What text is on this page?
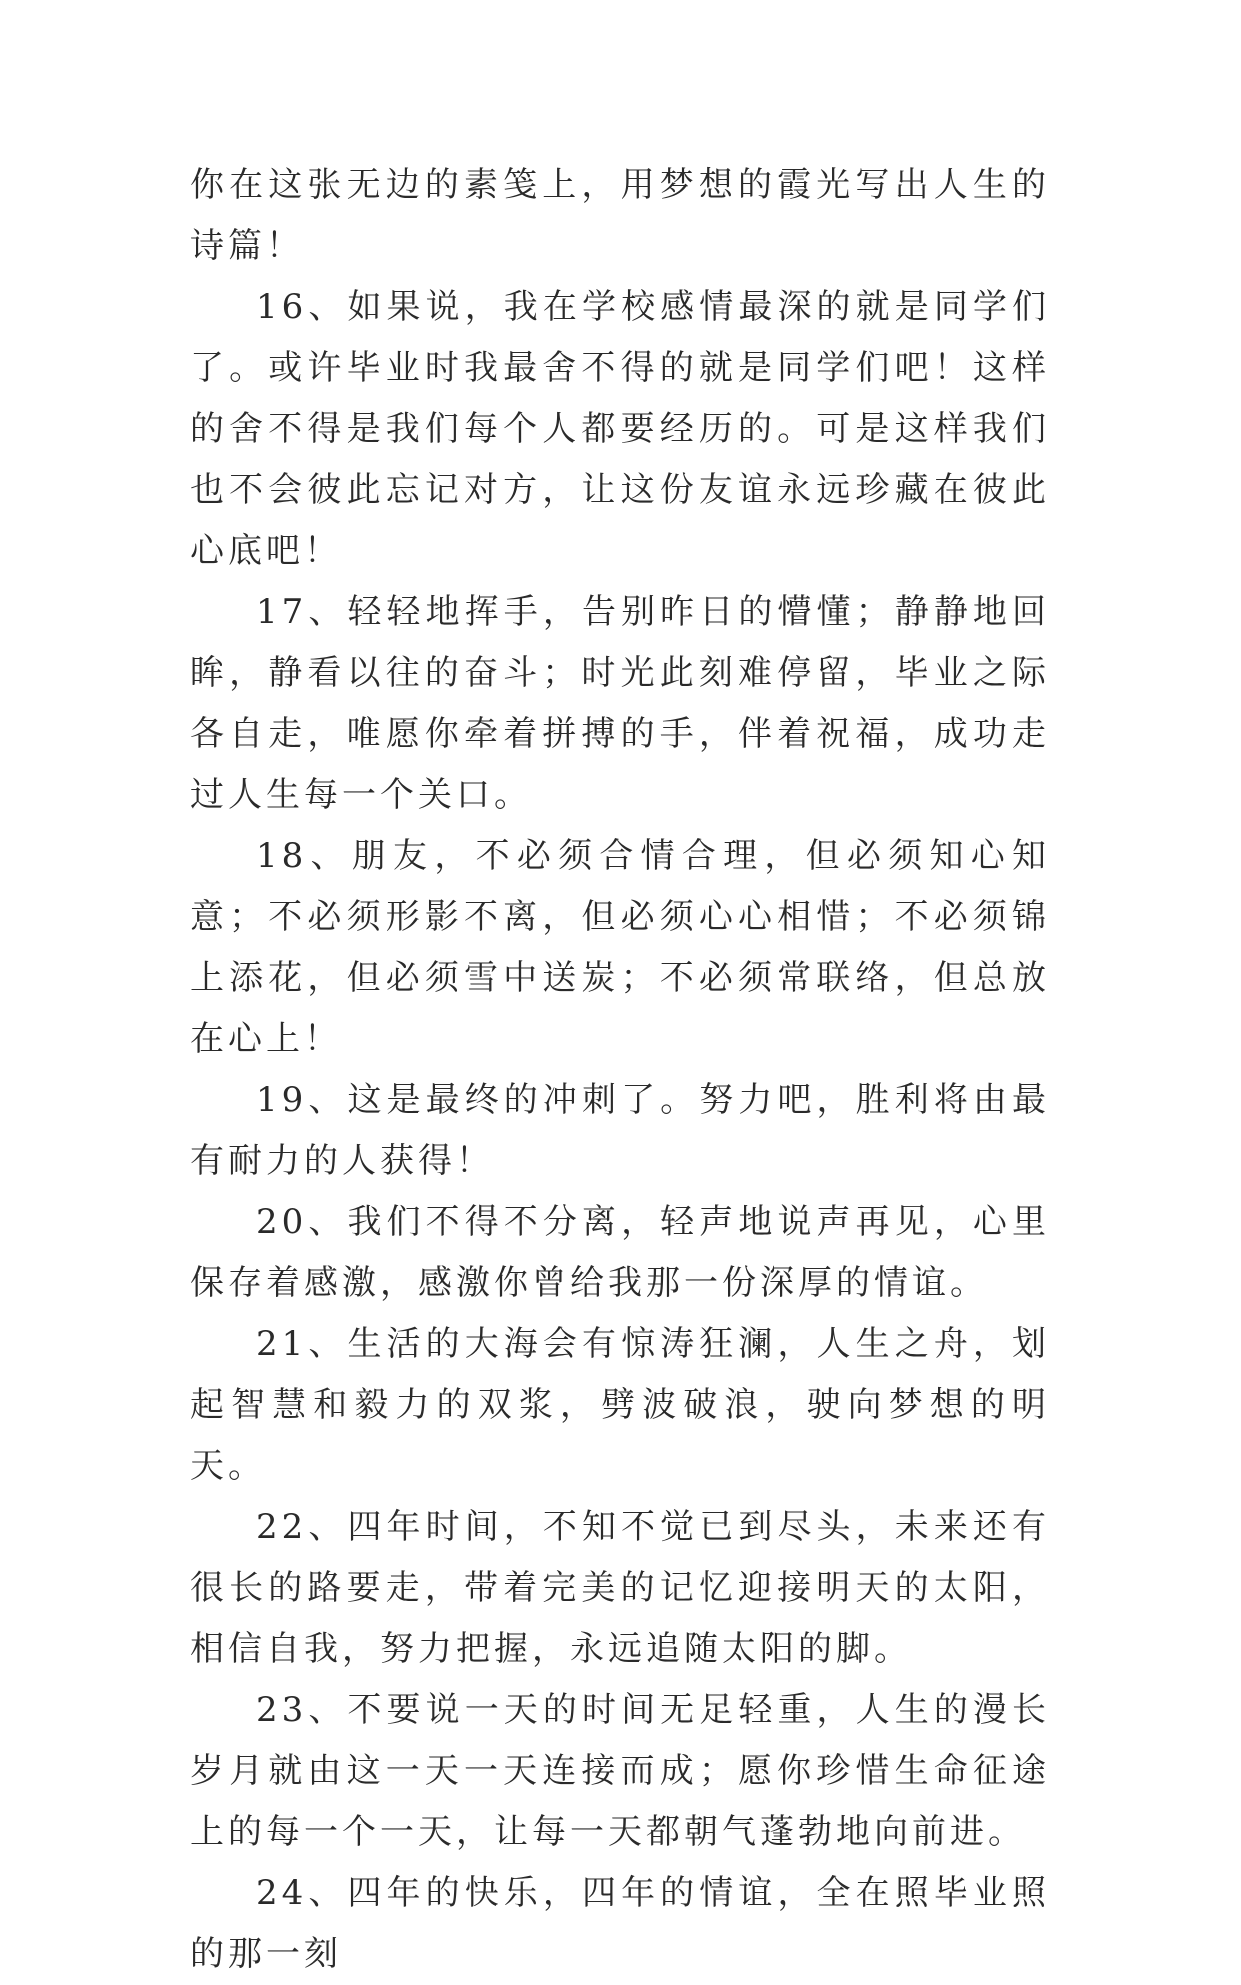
你在这张无边的素笺上，用梦想的霞光写出人生的诗篇！

16、如果说，我在学校感情最深的就是同学们了。或许毕业时我最舍不得的就是同学们吧！这样的舍不得是我们每个人都要经历的。可是这样我们也不会彼此忘记对方，让这份友谊永远珍藏在彼此心底吧！

17、轻轻地挥手，告别昨日的懵懂；静静地回眸，静看以往的奋斗；时光此刻难停留，毕业之际各自走，唯愿你牵着拼搏的手，伴着祝福，成功走过人生每一个关口。

18、朋友，不必须合情合理，但必须知心知意；不必须形影不离，但必须心心相惜；不必须锦上添花，但必须雪中送炭；不必须常联络，但总放在心上！

19、这是最终的冲刺了。努力吧，胜利将由最有耐力的人获得！

20、我们不得不分离，轻声地说声再见，心里保存着感激，感激你曾给我那一份深厚的情谊。

21、生活的大海会有惊涛狂澜，人生之舟，划起智慧和毅力的双浆，劈波破浪，驶向梦想的明天。

22、四年时间，不知不觉已到尽头，未来还有很长的路要走，带着完美的记忆迎接明天的太阳，相信自我，努力把握，永远追随太阳的脚。

23、不要说一天的时间无足轻重，人生的漫长岁月就由这一天一天连接而成；愿你珍惜生命征途上的每一个一天，让每一天都朝气蓬勃地向前进。

24、四年的快乐，四年的情谊，全在照毕业照的那一刻
